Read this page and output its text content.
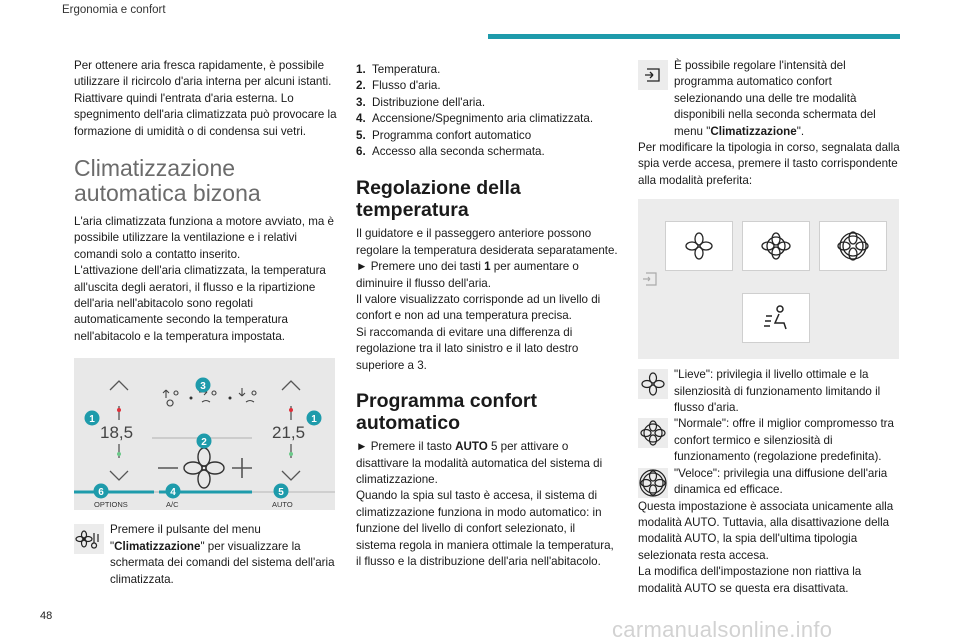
Ergonomia e confort

Per ottenere aria fresca rapidamente, è possibile utilizzare il ricircolo d'aria interna per alcuni istanti. Riattivare quindi l'entrata d'aria esterna. Lo spegnimento dell'aria climatizzata può provocare la formazione di umidità o di condensa sui vetri.

Climatizzazione
automatica bizona

L'aria climatizzata funziona a motore avviato, ma è possibile utilizzare la ventilazione e i relativi comandi solo a contatto inserito.

L'attivazione dell'aria climatizzata, la temperatura all'uscita degli aeratori, il flusso e la ripartizione dell'aria nell'abitacolo sono regolati automaticamente secondo la temperatura nell'abitacolo e la temperatura impostata.

18,5	21,5
OPTIONS	A/C	AUTO
1	1
2
3
4	5
6

Premere il pulsante del menu
"Climatizzazione" per visualizzare la schermata dei comandi del sistema dell'aria climatizzata.

1. Temperatura.
2. Flusso d'aria.
3. Distribuzione dell'aria.
4. Accensione/Spegnimento aria climatizzata.
5. Programma confort automatico
6. Accesso alla seconda schermata.
Regolazione della
temperatura

Il guidatore e il passeggero anteriore possono regolare la temperatura desiderata separatamente.

► Premere uno dei tasti 1 per aumentare o diminuire il flusso dell'aria.

Il valore visualizzato corrisponde ad un livello di confort e non ad una temperatura precisa.

Si raccomanda di evitare una differenza di regolazione tra il lato sinistro e il lato destro superiore a 3.

Programma confort
automatico

► Premere il tasto AUTO 5 per attivare o disattivare la modalità automatica del sistema di climatizzazione.

Quando la spia sul tasto è accesa, il sistema di climatizzazione funziona in modo automatico: in funzione del livello di confort selezionato, il sistema regola in maniera ottimale la temperatura, il flusso e la distribuzione dell'aria nell'abitacolo.

È possibile regolare l'intensità del programma automatico confort selezionando una delle tre modalità disponibili nella seconda schermata del menu "Climatizzazione".

Per modificare la tipologia in corso, segnalata dalla spia verde accesa, premere il tasto corrispondente alla modalità preferita:

"Lieve": privilegia il livello ottimale e la silenziosità di funzionamento limitando il flusso d'aria.

"Normale": offre il miglior compromesso tra confort termico e silenziosità di funzionamento (regolazione predefinita).

"Veloce": privilegia una diffusione dell'aria dinamica ed efficace.

Questa impostazione è associata unicamente alla modalità AUTO. Tuttavia, alla disattivazione della modalità AUTO, la spia dell'ultima tipologia selezionata resta accesa.

La modifica dell'impostazione non riattiva la modalità AUTO se questa era disattivata.

48
carmanualsonline.info
